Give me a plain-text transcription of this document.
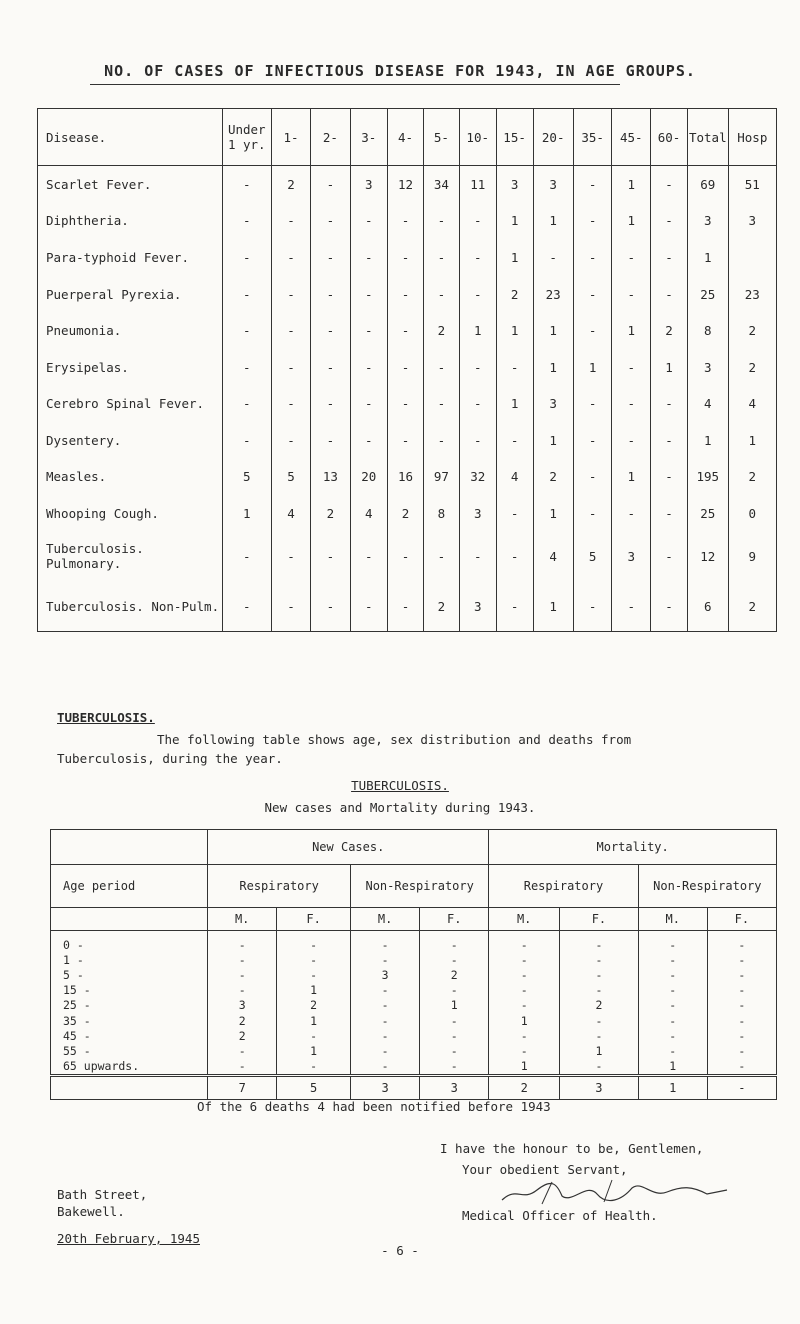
NO. OF CASES OF INFECTIOUS DISEASE FOR 1943, IN AGE GROUPS.
Disease.	Under 1 yr.	1-	2-	3-	4-	5-	10-	15-	20-	35-	45-	60-	Total	Hosp
Scarlet Fever.	-	2	-	3	12	34	11	3	3	-	1	-	69	51
Diphtheria.	-	-	-	-	-	-	-	1	1	-	1	-	3	3
Para-typhoid Fever.	-	-	-	-	-	-	-	1	-	-	-	-	1	
Puerperal Pyrexia.	-	-	-	-	-	-	-	2	23	-	-	-	25	23
Pneumonia.	-	-	-	-	-	2	1	1	1	-	1	2	8	2
Erysipelas.	-	-	-	-	-	-	-	-	1	1	-	1	3	2
Cerebro Spinal Fever.	-	-	-	-	-	-	-	1	3	-	-	-	4	4
Dysentery.	-	-	-	-	-	-	-	-	1	-	-	-	1	1
Measles.	5	5	13	20	16	97	32	4	2	-	1	-	195	2
Whooping Cough.	1	4	2	4	2	8	3	-	1	-	-	-	25	0
Tuberculosis. Pulmonary.	-	-	-	-	-	-	-	-	4	5	3	-	12	9
Tuberculosis. Non-Pulm.	-	-	-	-	-	2	3	-	1	-	-	-	6	2
TUBERCULOSIS.
The following table shows age, sex distribution and deaths from
Tuberculosis, during the year.
TUBERCULOSIS.
New cases and Mortality during 1943.
	New Cases.				Mortality.			
Age period	Respiratory		Non-Respiratory		Respiratory		Non-Respiratory	
	M.	F.	M.	F.	M.	F.	M.	F.
0 -	-	-	-	-	-	-	-	-
1 -	-	-	-	-	-	-	-	-
5 -	-	-	3	2	-	-	-	-
15 -	-	1	-	-	-	-	-	-
25 -	3	2	-	1	-	2	-	-
35 -	2	1	-	-	1	-	-	-
45 -	2	-	-	-	-	-	-	-
55 -	-	1	-	-	-	1	-	-
65 upwards.	-	-	-	-	1	-	1	-
	7	5	3	3	2	3	1	-
Of the 6 deaths 4 had been notified before 1943
I have the honour to be, Gentlemen,
Your obedient Servant,
Medical Officer of Health.
Bath Street,
Bakewell.
20th February, 1945
- 6 -
